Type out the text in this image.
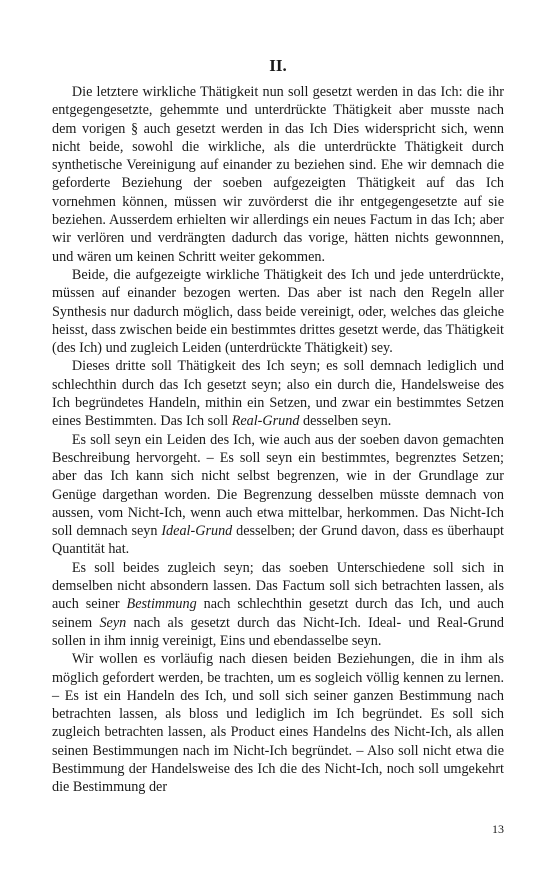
II.

Die letztere wirkliche Thätigkeit nun soll gesetzt werden in das Ich: die ihr entgegengesetzte, gehemmte und unterdrückte Thätigkeit aber musste nach dem vorigen § auch gesetzt werden in das Ich Dies widerspricht sich, wenn nicht beide, sowohl die wirkliche, als die unterdrückte Thätigkeit durch synthetische Vereinigung auf einander zu beziehen sind. Ehe wir demnach die geforderte Beziehung der soeben aufgezeigten Thätigkeit auf das Ich vornehmen können, müssen wir zuvörderst die ihr entgegengesetzte auf sie beziehen. Ausserdem erhielten wir allerdings ein neues Factum in das Ich; aber wir verlören und verdrängten dadurch das vorige, hätten nichts gewonnnen, und wären um keinen Schritt weiter gekommen.

Beide, die aufgezeigte wirkliche Thätigkeit des Ich und jede unterdrückte, müssen auf einander bezogen werten. Das aber ist nach den Regeln aller Synthesis nur dadurch möglich, dass beide vereinigt, oder, welches das gleiche heisst, dass zwischen beide ein bestimmtes drittes gesetzt werde, das Thätigkeit (des Ich) und zugleich Leiden (unterdrückte Thätigkeit) sey.

Dieses dritte soll Thätigkeit des Ich seyn; es soll demnach lediglich und schlechthin durch das Ich gesetzt seyn; also ein durch die, Handelsweise des Ich begründetes Handeln, mithin ein Setzen, und zwar ein bestimmtes Setzen eines Bestimmten. Das Ich soll Real-Grund desselben seyn.

Es soll seyn ein Leiden des Ich, wie auch aus der soeben davon gemachten Beschreibung hervorgeht. – Es soll seyn ein bestimmtes, begrenztes Setzen; aber das Ich kann sich nicht selbst begrenzen, wie in der Grundlage zur Genüge dargethan worden. Die Begrenzung desselben müsste demnach von aussen, vom Nicht-Ich, wenn auch etwa mittelbar, herkommen. Das Nicht-Ich soll demnach seyn Ideal-Grund desselben; der Grund davon, dass es überhaupt Quantität hat.

Es soll beides zugleich seyn; das soeben Unterschiedene soll sich in demselben nicht absondern lassen. Das Factum soll sich betrachten lassen, als auch seiner Bestimmung nach schlechthin gesetzt durch das Ich, und auch seinem Seyn nach als gesetzt durch das Nicht-Ich. Ideal- und Real-Grund sollen in ihm innig vereinigt, Eins und ebendasselbe seyn.

Wir wollen es vorläufig nach diesen beiden Beziehungen, die in ihm als möglich gefordert werden, be trachten, um es sogleich völlig kennen zu lernen. – Es ist ein Handeln des Ich, und soll sich seiner ganzen Bestimmung nach betrachten lassen, als bloss und lediglich im Ich begründet. Es soll sich zugleich betrachten lassen, als Product eines Handelns des Nicht-Ich, als allen seinen Bestimmungen nach im Nicht-Ich begründet. – Also soll nicht etwa die Bestimmung der Handelsweise des Ich die des Nicht-Ich, noch soll umgekehrt die Bestimmung der

13
